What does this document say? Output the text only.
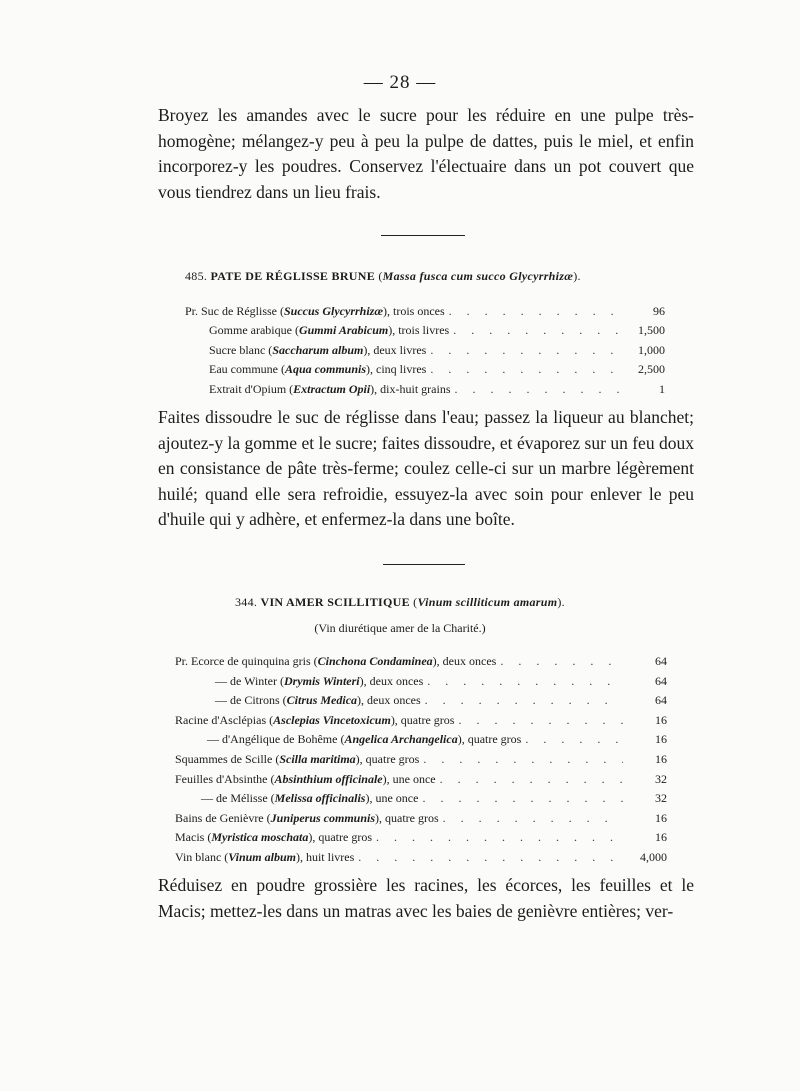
— 28 —

Broyez les amandes avec le sucre pour les réduire en une pulpe très-homogène; mélangez-y peu à peu la pulpe de dattes, puis le miel, et enfin incorporez-y les poudres. Conservez l'électuaire dans un pot couvert que vous tiendrez dans un lieu frais.

485. PATE DE RÉGLISSE BRUNE (Massa fusca cum succo Glycyrrhizæ).

Pr. Suc de Réglisse (Succus Glycyrrhizæ), trois onces . . .	96
Gomme arabique (Gummi Arabicum), trois livres . . .	1,500
Sucre blanc (Saccharum album), deux livres . . .	1,000
Eau commune (Aqua communis), cinq livres . . .	2,500
Extrait d'Opium (Extractum Opii), dix-huit grains . . .	1

Faites dissoudre le suc de réglisse dans l'eau; passez la liqueur au blanchet; ajoutez-y la gomme et le sucre; faites dissoudre, et évaporez sur un feu doux en consistance de pâte très-ferme; coulez celle-ci sur un marbre légèrement huilé; quand elle sera refroidie, essuyez-la avec soin pour enlever le peu d'huile qui y adhère, et enfermez-la dans une boîte.

344. VIN AMER SCILLITIQUE (Vinum scilliticum amarum).

(Vin diurétique amer de la Charité.)

Pr. Ecorce de quinquina gris (Cinchona Condaminea), deux onces . . .	64
— de Winter (Drymis Winteri), deux onces . . .	64
— de Citrons (Citrus Medica), deux onces . . .	64
Racine d'Asclépias (Asclepias Vincetoxicum), quatre gros . . .	16
— d'Angélique de Bohême (Angelica Archangelica), quatre gros . . .	16
Squammes de Scille (Scilla maritima), quatre gros . . .	16
Feuilles d'Absinthe (Absinthium officinale), une once . . .	32
— de Mélisse (Melissa officinalis), une once . . .	32
Bains de Genièvre (Juniperus communis), quatre gros . . .	16
Macis (Myristica moschata), quatre gros . . .	16
Vin blanc (Vinum album), huit livres . . .	4,000

Réduisez en poudre grossière les racines, les écorces, les feuilles et le Macis; mettez-les dans un matras avec les baies de genièvre entières; ver-
